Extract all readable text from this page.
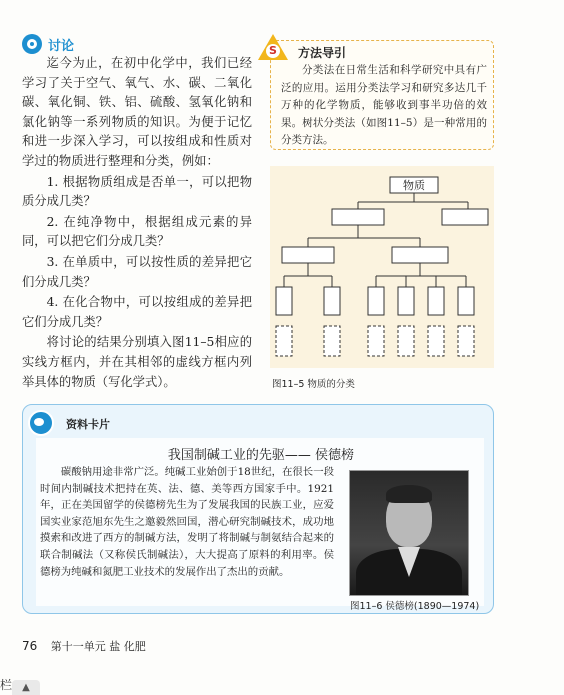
讨论

迄今为止，在初中化学中，我们已经学习了关于空气、氧气、水、碳、二氧化碳、氧化铜、铁、铝、硫酸、氢氧化钠和氯化钠等一系列物质的知识。为便于记忆和进一步深入学习，可以按组成和性质对学过的物质进行整理和分类，例如：

1. 根据物质组成是否单一，可以把物质分成几类？

2. 在纯净物中，根据组成元素的异同，可以把它们分成几类？

3. 在单质中，可以按性质的差异把它们分成几类？

4. 在化合物中，可以按组成的差异把它们分成几类？

将讨论的结果分别填入图11–5相应的实线方框内，并在其相邻的虚线方框内列举具体的物质（写化学式）。

S 方法导引
分类法在日常生活和科学研究中具有广泛的应用。运用分类法学习和研究多达几千万种的化学物质，能够收到事半功倍的效果。树状分类法（如图11–5）是一种常用的分类方法。
物质
图11–5 物质的分类
资料卡片
我国制碱工业的先驱—— 侯德榜
碳酸钠用途非常广泛。纯碱工业始创于18世纪，在很长一段时间内制碱技术把持在英、法、德、美等西方国家手中。1921年，正在美国留学的侯德榜先生为了发展我国的民族工业，应爱国实业家范旭东先生之邀毅然回国，潜心研究制碱技术，成功地摸索和改进了西方的制碱方法，发明了将制碱与制氨结合起来的联合制碱法（又称侯氏制碱法），大大提高了原料的利用率。侯德榜为纯碱和氮肥工业技术的发展作出了杰出的贡献。
图11–6 侯德榜(1890—1974)
76 第十一单元 盐 化肥
栏	▲
